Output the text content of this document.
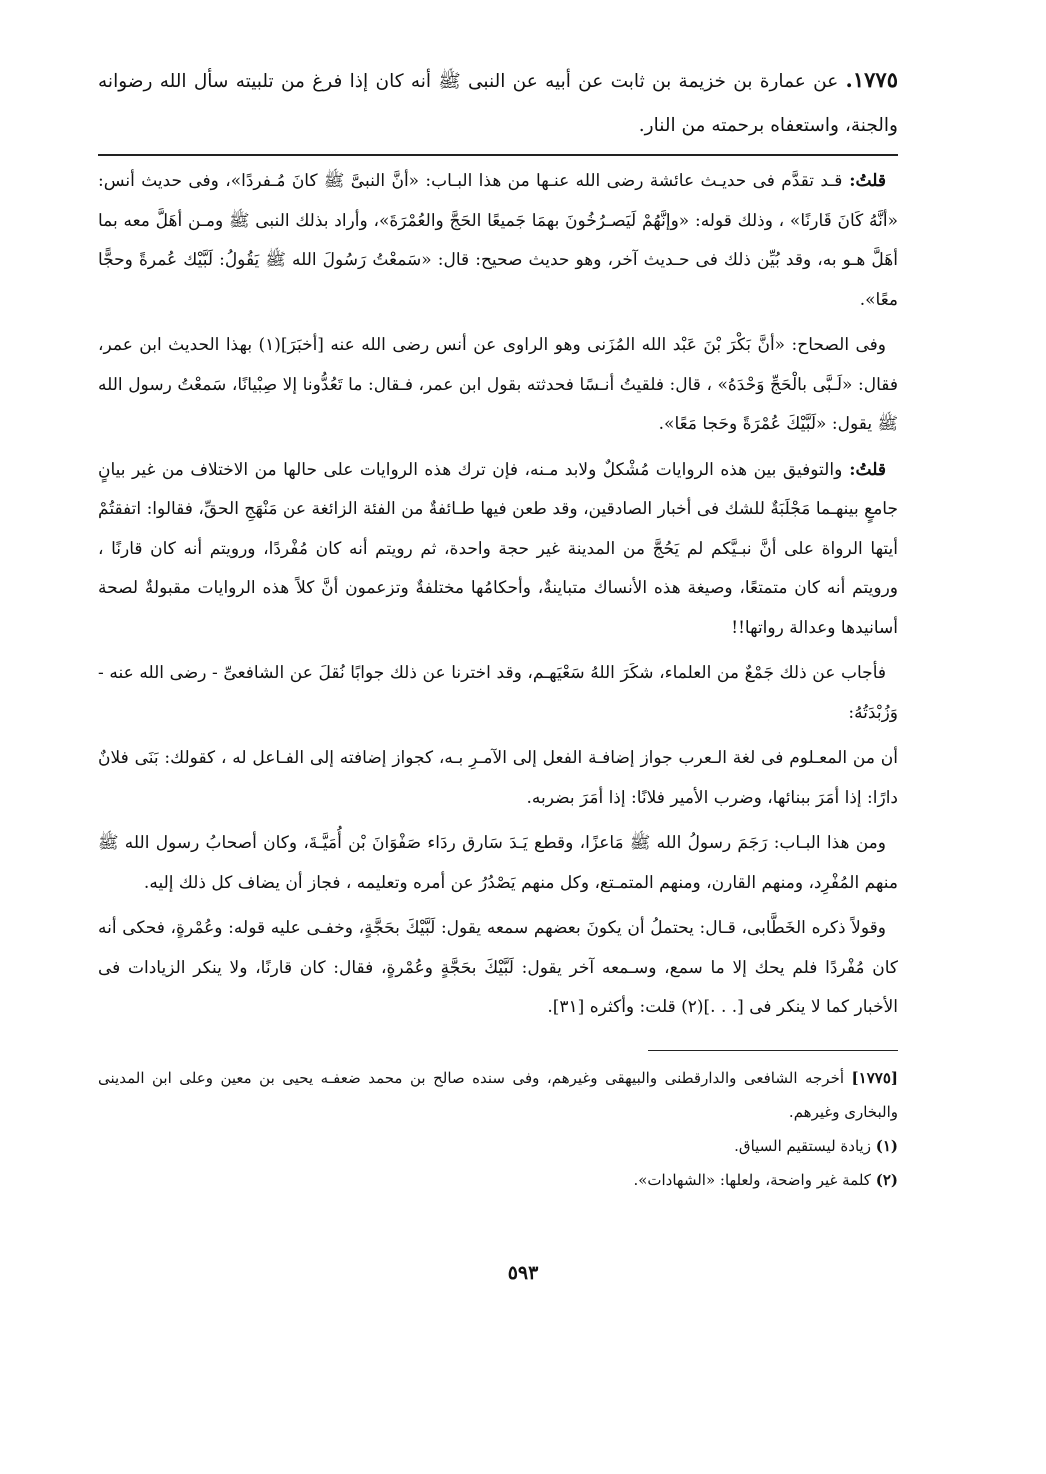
١٧٧٥. عن عمارة بن خزيمة بن ثابت عن أبيه عن النبى ﷺ أنه كان إذا فرغ من تلبيته سأل الله رضوانه والجنة، واستعفاه برحمته من النار.

قلتُ: قـد تقدَّم فى حديـث عائشة رضى الله عنـها من هذا البـاب: «أنَّ النبىَّ ﷺ كانَ مُـفردًا»، وفى حديث أنس: «أنَّهُ كَانَ قَارنًا» ، وذلك قوله: «وإنَّهُمْ لَيَصـرُخُونَ بهمَا جَميعًا الحَجَّ والعُمْرَةَ»، وأراد بذلك النبى ﷺ ومـن أهَلَّ معه بما أهَلَّ هـو به، وقد بُيِّن ذلك فى حـديث آخر، وهو حديث صحيح: قال: «سَمعْتُ رَسُولَ الله ﷺ يَقُولُ: لَبَّيْك عُمرةً وحجًّا معًا».

وفى الصحاح: «أنَّ بَكْرَ بْنَ عَبْد الله المُزَنى وهو الراوى عن أنس رضى الله عنه [أخبَرَ](١) بهذا الحديث ابن عمر، فقال: «لَـبَّى بالْحَجِّ وَحْدَهُ» ، قال: فلقيتُ أنـسًا فحدثته بقول ابن عمر، فـقال: ما تَعُدُّونا إلا صِبْيانًا، سَمعْتُ رسول الله ﷺ يقول: «لَبَّيْكَ عُمْرَةً وحَجا مَعًا».

قلتُ: والتوفيق بين هذه الروايات مُشْكلٌ ولابد مـنه، فإن ترك هذه الروايات على حالها من الاختلاف من غير بيانٍ جامعٍ بينهـما مَجْلَبَةٌ للشك فى أخبار الصادقين، وقد طعن فيها طـائفةٌ من الفئة الزائغة عن مَنْهَجِ الحقِّ، فقالوا: اتفقتُمْ أيتها الرواة على أنَّ نبـيَّكم لم يَحُجَّ من المدينة غير حجة واحدة، ثم رويتم أنه كان مُفْردًا، ورويتم أنه كان قارنًا ، ورويتم أنه كان متمتعًا، وصيغة هذه الأنساك متباينةٌ، وأحكامُها مختلفةٌ وتزعمون أنَّ كلاً هذه الروايات مقبولةٌ لصحة أسانيدها وعدالة رواتها!!

فأجاب عن ذلك جَمْعٌ من العلماء، شكَرَ اللهُ سَعْيَهـم، وقد اخترنا عن ذلك جوابًا نُقلَ عن الشافعىِّ - رضى الله عنه - وَزُبْدَتُهُ:

أن من المعـلوم فى لغة الـعرب جواز إضافـة الفعل إلى الآمـرِ بـه، كجواز إضافته إلى الفـاعل له ، كقولك: بَنَى فلانٌ دارًا: إذا أمَرَ ببنائها، وضرب الأمير فلانًا: إذا أمَرَ بضربه.

ومن هذا البـاب: رَجَمَ رسولُ الله ﷺ مَاعزًا، وقطع يَـدَ سَارق ردَاء صَفْوَانَ بْن أُمَيَّـةَ، وكان أصحابُ رسول الله ﷺ منهم المُفْرِد، ومنهم القارن، ومنهم المتمـتع، وكل منهم يَصْدُرُ عن أمره وتعليمه ، فجاز أن يضاف كل ذلك إليه.

وقولاً ذكره الخَطَّابى، قـال: يحتملُ أن يكونَ بعضهم سمعه يقول: لَبَّيْكَ بحَجَّةٍ، وخفـى عليه قوله: وعُمْرةٍ، فحكى أنه كان مُفْردًا فلم يحك إلا ما سمع، وسـمعه آخر يقول: لَبَّيْكَ بحَجَّةٍ وعُمْرةٍ، فقال: كان قارنًا، ولا ينكر الزيادات فى الأخبار كما لا ينكر فى [. . .](٢) قلت: وأكثره [٣١].

[١٧٧٥] أخرجه الشافعى والدارقطنى والبيهقى وغيرهم، وفى سنده صالح بن محمد ضعفـه يحيى بن معين وعلى ابن المدينى والبخارى وغيرهم.

(١) زيادة ليستقيم السياق.

(٢) كلمة غير واضحة، ولعلها: «الشهادات».

٥٩٣
